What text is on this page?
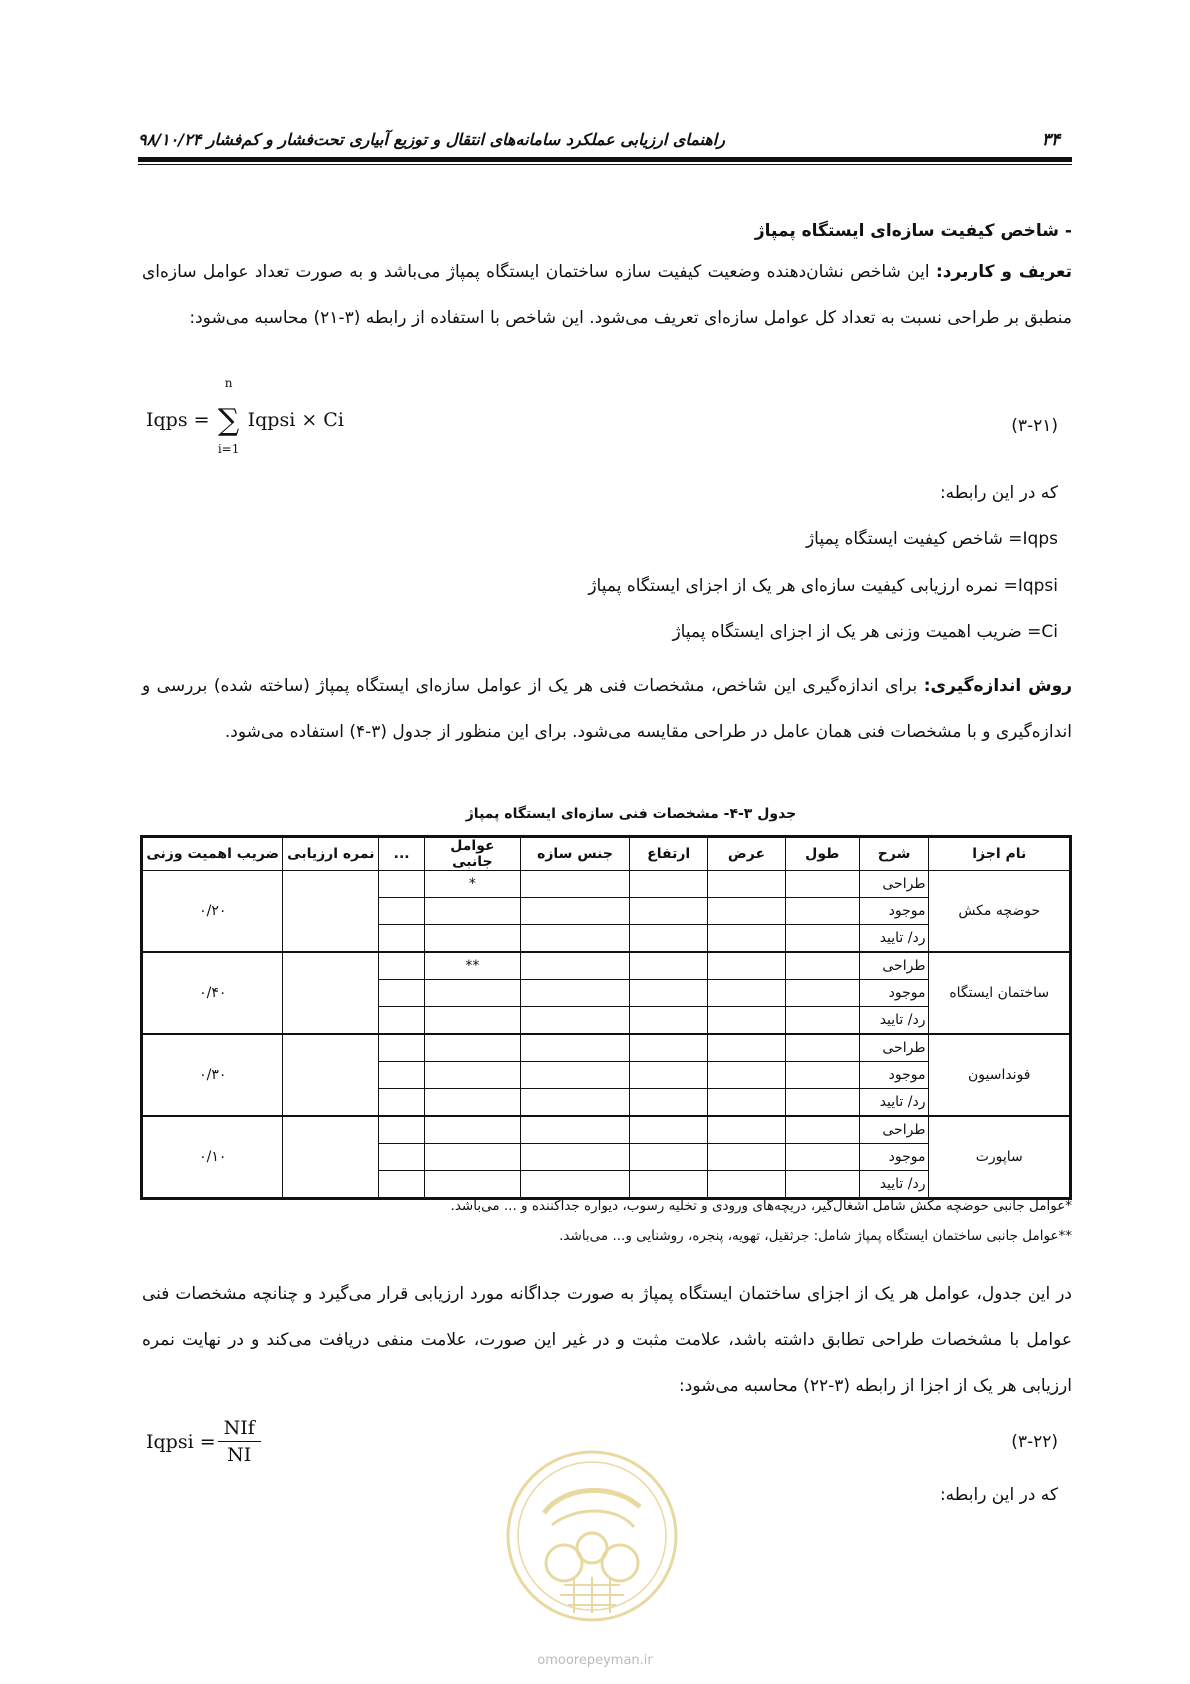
راهنمای ارزیابی عملکرد سامانه‌های انتقال و توزیع آبیاری تحت‌فشار و کم‌فشار ۹۸/۱۰/۲۴	۳۴
- شاخص کیفیت سازه‌ای ایستگاه پمپاژ
تعریف و کاربرد: این شاخص نشان‌دهنده وضعیت کیفیت سازه ساختمان ایستگاه پمپاژ می‌باشد و به صورت تعداد عوامل سازه‌ای منطبق بر طراحی نسبت به تعداد کل عوامل سازه‌ای تعریف می‌شود. این شاخص با استفاده از رابطه (۳-۲۱) محاسبه می‌شود:
Iqps =
n
∑
i=1
Iqpsi × Ci	(۳-۲۱)
که در این رابطه:
Iqps= شاخص کیفیت ایستگاه پمپاژ
Iqpsi= نمره ارزیابی کیفیت سازه‌ای هر یک از اجزای ایستگاه پمپاژ
Ci= ضریب اهمیت وزنی هر یک از اجزای ایستگاه پمپاژ
روش اندازه‌گیری: برای اندازه‌گیری این شاخص، مشخصات فنی هر یک از عوامل سازه‌ای ایستگاه پمپاژ (ساخته شده) بررسی و اندازه‌گیری و با مشخصات فنی همان عامل در طراحی مقایسه می‌شود. برای این منظور از جدول (۳-۴) استفاده می‌شود.
جدول ۳-۴- مشخصات فنی سازه‌ای ایستگاه پمپاژ
نام اجزا	شرح	طول	عرض	ارتفاع	جنس سازه	عوامل جانبی	...	نمره ارزیابی	ضریب اهمیت وزنی
حوضچه مکش	طراحی					*			۰/۲۰
	موجود								
	رد/ تایید								
ساختمان ایستگاه	طراحی					**			۰/۴۰
	موجود								
	رد/ تایید								
فونداسیون	طراحی								۰/۳۰
	موجود								
	رد/ تایید								
ساپورت	طراحی								۰/۱۰
	موجود								
	رد/ تایید								
*عوامل جانبی حوضچه مکش شامل آشغال‌گیر، دریچه‌های ورودی و تخلیه رسوب، دیواره جداکننده و ... می‌باشد.
**عوامل جانبی ساختمان ایستگاه پمپاژ شامل: جرثقیل، تهویه، پنجره، روشنایی و... می‌باشد.
در این جدول، عوامل هر یک از اجزای ساختمان ایستگاه پمپاژ به صورت جداگانه مورد ارزیابی قرار می‌گیرد و چنانچه مشخصات فنی عوامل با مشخصات طراحی تطابق داشته باشد، علامت مثبت و در غیر این صورت، علامت منفی دریافت می‌کند و در نهایت نمره ارزیابی هر یک از اجزا از رابطه (۳-۲۲) محاسبه می‌شود:
Iqpsi =
NIf
NI
(۳-۲۲)
که در این رابطه:
omoorepeyman.ir
